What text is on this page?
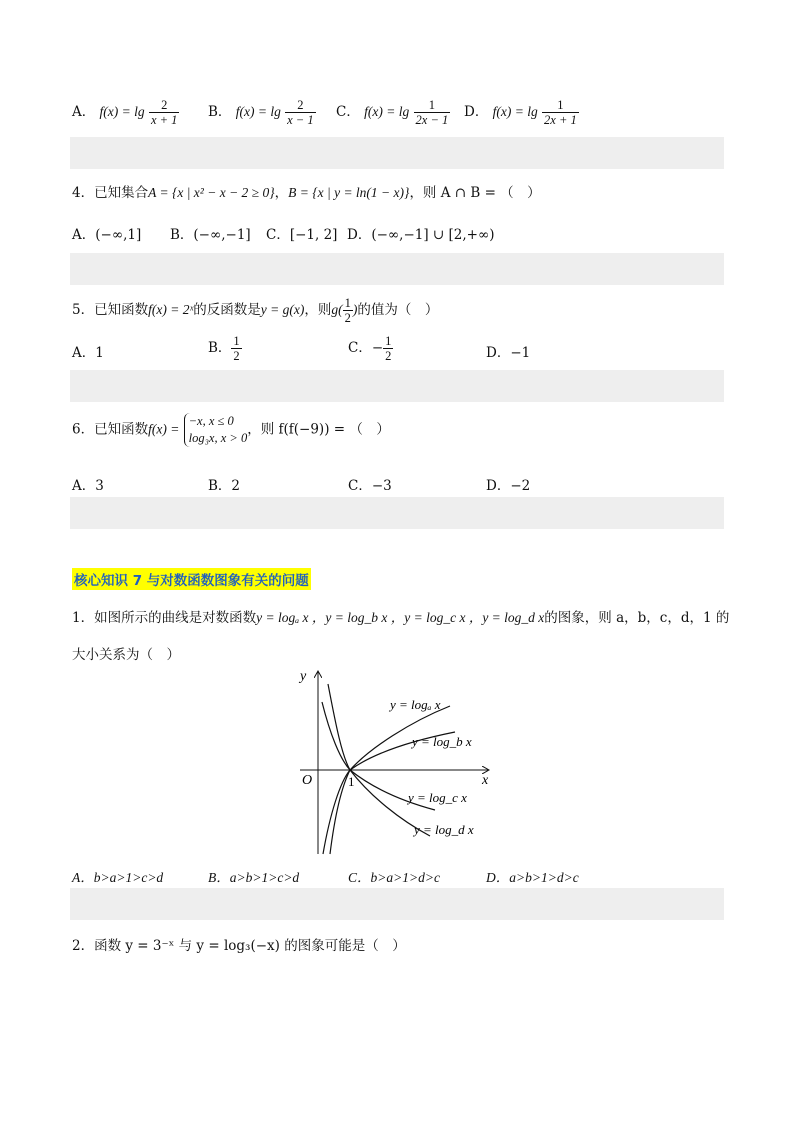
A． $f(x) = \lg \frac{2}{x + 1}$ B． $f(x) = \lg \frac{2}{x - 1}$ C． $f(x) = \lg \frac{1}{2x - 1}$ D． $f(x) = \lg \frac{1}{2x + 1}$
4．已知集合A = {x | x² − x − 2 ≥ 0}，B = {x | y = ln(1 − x)}，则 A ∩ B = （　）
A．(−∞,1] B．(−∞,−1] C．[−1, 2] D．(−∞,−1] ∪ [2,+∞)
5．已知函数f(x) = 2ˣ的反函数是y = g(x)，则$g( \frac{1}{2}$ )的值为（　）
A．1	B． $\frac{1}{2}$	C．− $\frac{1}{2}$	D．−1
6．已知函数f(x) =
−x, x ≤ 0
log₃x, x > 0
，则 f(f(−9)) = （　）
A．3	B．2	C．−3	D．−2
核心知识 7 与对数函数图象有关的问题
1．如图所示的曲线是对数函数y = logₐ x ，y = log_b x ，y = log_c x ，y = log_d x的图象，则 a，b，c，d，1 的
大小关系为（　）
y
x
O	1
y = logₐ x
y = log_b x
y = log_c x
y = log_d x
A．b>a>1>c>d	B．a>b>1>c>d	C．b>a>1>d>c	D．a>b>1>d>c
2．函数 y = 3⁻ˣ 与 y = log₃(−x) 的图象可能是（　）
